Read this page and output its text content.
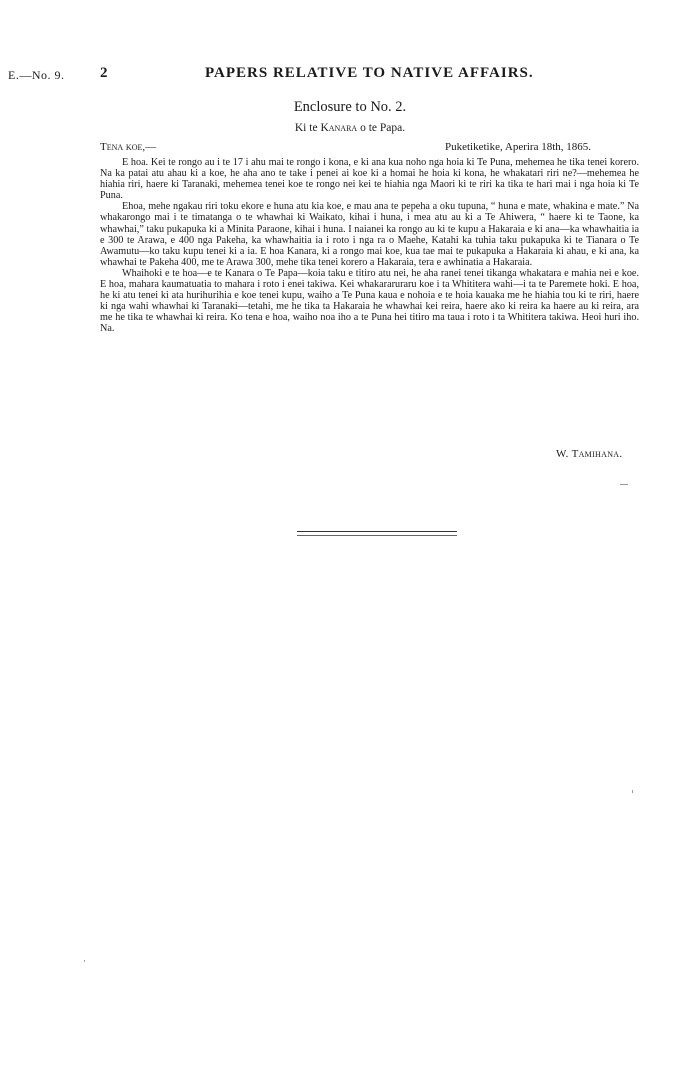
E.—No. 9. 2	PAPERS RELATIVE TO NATIVE AFFAIRS.
Enclosure to No. 2.
Ki te Kanara o te Papa.
Tena koe,—	Puketiketike, Aperira 18th, 1865.

E hoa. Kei te rongo au i te 17 i ahu mai te rongo i kona, e ki ana kua noho nga hoia ki Te Puna, mehemea he tika tenei korero. Na ka patai atu ahau ki a koe, he aha ano te take i penei ai koe ki a homai he hoia ki kona, he whakatari riri ne?—mehemea he hiahia riri, haere ki Taranaki, mehemea tenei koe te rongo nei kei te hiahia nga Maori ki te riri ka tika te hari mai i nga hoia ki Te Puna.

Ehoa, mehe ngakau riri toku ekore e huna atu kia koe, e mau ana te pepeha a oku tupuna, “ huna e mate, whakina e mate.” Na whakarongo mai i te timatanga o te whawhai ki Waikato, kihai i huna, i mea atu au ki a Te Ahiwera, “ haere ki te Taone, ka whawhai,” taku pukapuka ki a Minita Paraone, kihai i huna. I naianei ka rongo au ki te kupu a Hakaraia e ki ana—ka whawhaitia ia e 300 te Arawa, e 400 nga Pakeha, ka whawhaitia ia i roto i nga ra o Maehe, Katahi ka tuhia taku pukapuka ki te Tianara o Te Awamutu—ko taku kupu tenei ki a ia. E hoa Kanara, ki a rongo mai koe, kua tae mai te pukapuka a Hakaraia ki ahau, e ki ana, ka whawhai te Pakeha 400, me te Arawa 300, mehe tika tenei korero a Hakaraia, tera e awhinatia a Hakaraia.

Whaihoki e te hoa—e te Kanara o Te Papa—koia taku e titiro atu nei, he aha ranei tenei tikanga whakatara e mahia nei e koe. E hoa, mahara kaumatuatia to mahara i roto i enei takiwa. Kei whakararuraru koe i ta Whititera wahi—i ta te Paremete hoki. E hoa, he ki atu tenei ki ata hurihurihia e koe tenei kupu, waiho a Te Puna kaua e nohoia e te hoia kauaka me he hiahia tou ki te riri, haere ki nga wahi whawhai ki Taranaki—tetahi, me he tika ta Hakaraia he whawhai kei reira, haere ako ki reira ka haere au ki reira, ara me he tika te whawhai ki reira. Ko tena e hoa, waiho noa iho a te Puna hei titiro ma taua i roto i ta Whititera takiwa. Heoi huri iho. Na.

W. Tamihana.
